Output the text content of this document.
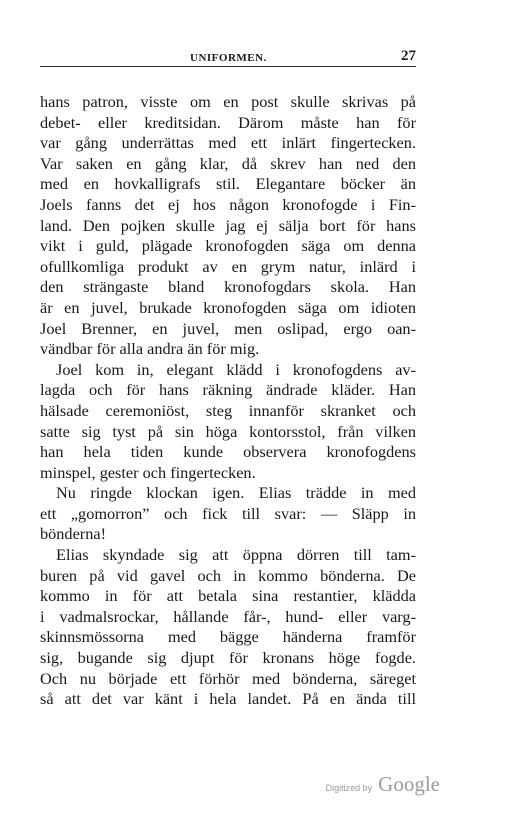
UNIFORMEN.	27
hans patron, visste om en post skulle skrivas på
debet- eller kreditsidan. Därom måste han för
var gång underrättas med ett inlärt fingertecken.
Var saken en gång klar, då skrev han ned den
med en hovkalligrafs stil. Elegantare böcker än
Joels fanns det ej hos någon kronofogde i Fin-
land. Den pojken skulle jag ej sälja bort för hans
vikt i guld, plägade kronofogden säga om denna
ofullkomliga produkt av en grym natur, inlärd i
den strängaste bland kronofogdars skola. Han
är en juvel, brukade kronofogden säga om idioten
Joel Brenner, en juvel, men oslipad, ergo oan-
vändbar för alla andra än för mig.
Joel kom in, elegant klädd i kronofogdens av-
lagda och för hans räkning ändrade kläder. Han
hälsade ceremoniöst, steg innanför skranket och
satte sig tyst på sin höga kontorsstol, från vilken
han hela tiden kunde observera kronofogdens
minspel, gester och fingertecken.
Nu ringde klockan igen. Elias trädde in med
ett „gomorron” och fick till svar: — Släpp in
bönderna!
Elias skyndade sig att öppna dörren till tam-
buren på vid gavel och in kommo bönderna. De
kommo in för att betala sina restantier, klädda
i vadmalsrockar, hållande får-, hund- eller varg-
skinnsmössorna med bägge händerna framför
sig, bugande sig djupt för kronans höge fogde.
Och nu började ett förhör med bönderna, säreget
så att det var känt i hela landet. På en ända till
Digitized by Google
